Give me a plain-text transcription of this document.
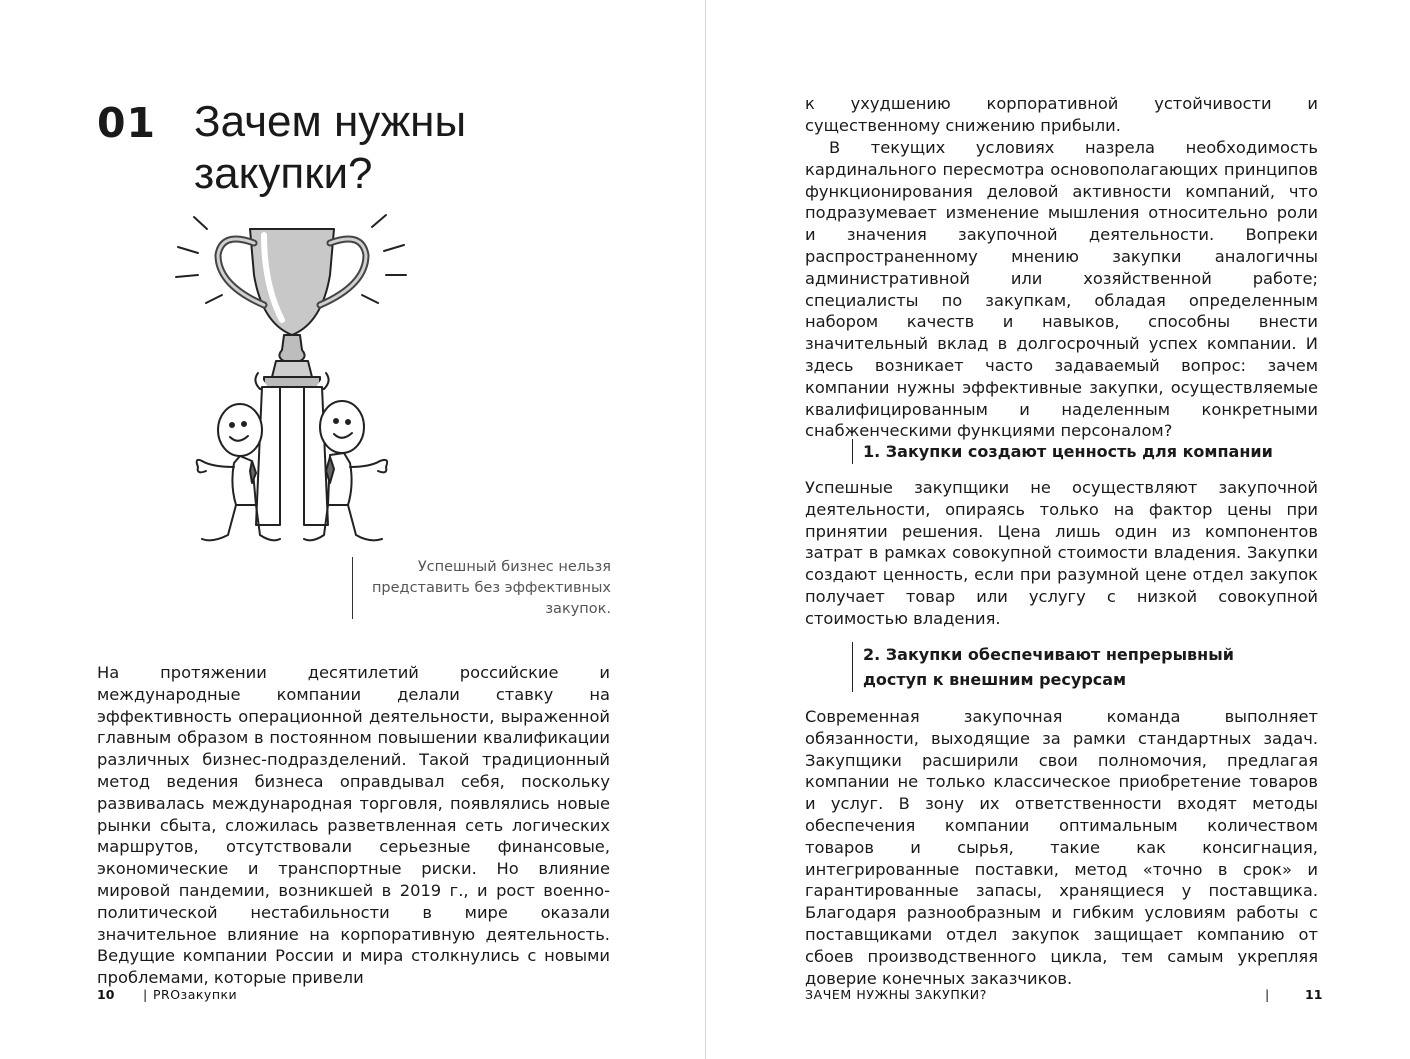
01 Зачем нужны закупки?
Успешный бизнес нельзя представить без эффективных закупок.

На протяжении десятилетий российские и международные компании делали ставку на эффективность операционной деятельности, выраженной главным образом в постоянном повышении квалификации различных бизнес-подразделений. Такой традиционный метод ведения бизнеса оправдывал себя, поскольку развивалась международная торговля, появлялись новые рынки сбыта, сложилась разветвленная сеть логических маршрутов, отсутствовали серьезные финансовые, экономические и транспортные риски. Но влияние мировой пандемии, возникшей в 2019 г., и рост военно-политической нестабильности в мире оказали значительное влияние на корпоративную деятельность. Ведущие компании России и мира столкнулись с новыми проблемами, которые привели

10 | PROзакупки

к ухудшению корпоративной устойчивости и существенному снижению прибыли.

В текущих условиях назрела необходимость кардинального пересмотра основополагающих принципов функционирования деловой активности компаний, что подразумевает изменение мышления относительно роли и значения закупочной деятельности. Вопреки распространенному мнению закупки аналогичны административной или хозяйственной работе; специалисты по закупкам, обладая определенным набором качеств и навыков, способны внести значительный вклад в долгосрочный успех компании. И здесь возникает часто задаваемый вопрос: зачем компании нужны эффективные закупки, осуществляемые квалифицированным и наделенным конкретными снабженческими функциями персоналом?

1. Закупки создают ценность для компании

Успешные закупщики не осуществляют закупочной деятельности, опираясь только на фактор цены при принятии решения. Цена лишь один из компонентов затрат в рамках совокупной стоимости владения. Закупки создают ценность, если при разумной цене отдел закупок получает товар или услугу с низкой совокупной стоимостью владения.

2. Закупки обеспечивают непрерывный доступ к внешним ресурсам

Современная закупочная команда выполняет обязанности, выходящие за рамки стандартных задач. Закупщики расширили свои полномочия, предлагая компании не только классическое приобретение товаров и услуг. В зону их ответственности входят методы обеспечения компании оптимальным количеством товаров и сырья, такие как консигнация, интегрированные поставки, метод «точно в срок» и гарантированные запасы, хранящиеся у поставщика. Благодаря разнообразным и гибким условиям работы с поставщиками отдел закупок защищает компанию от сбоев производственного цикла, тем самым укрепляя доверие конечных заказчиков.

ЗАЧЕМ НУЖНЫ ЗАКУПКИ?	|	11
